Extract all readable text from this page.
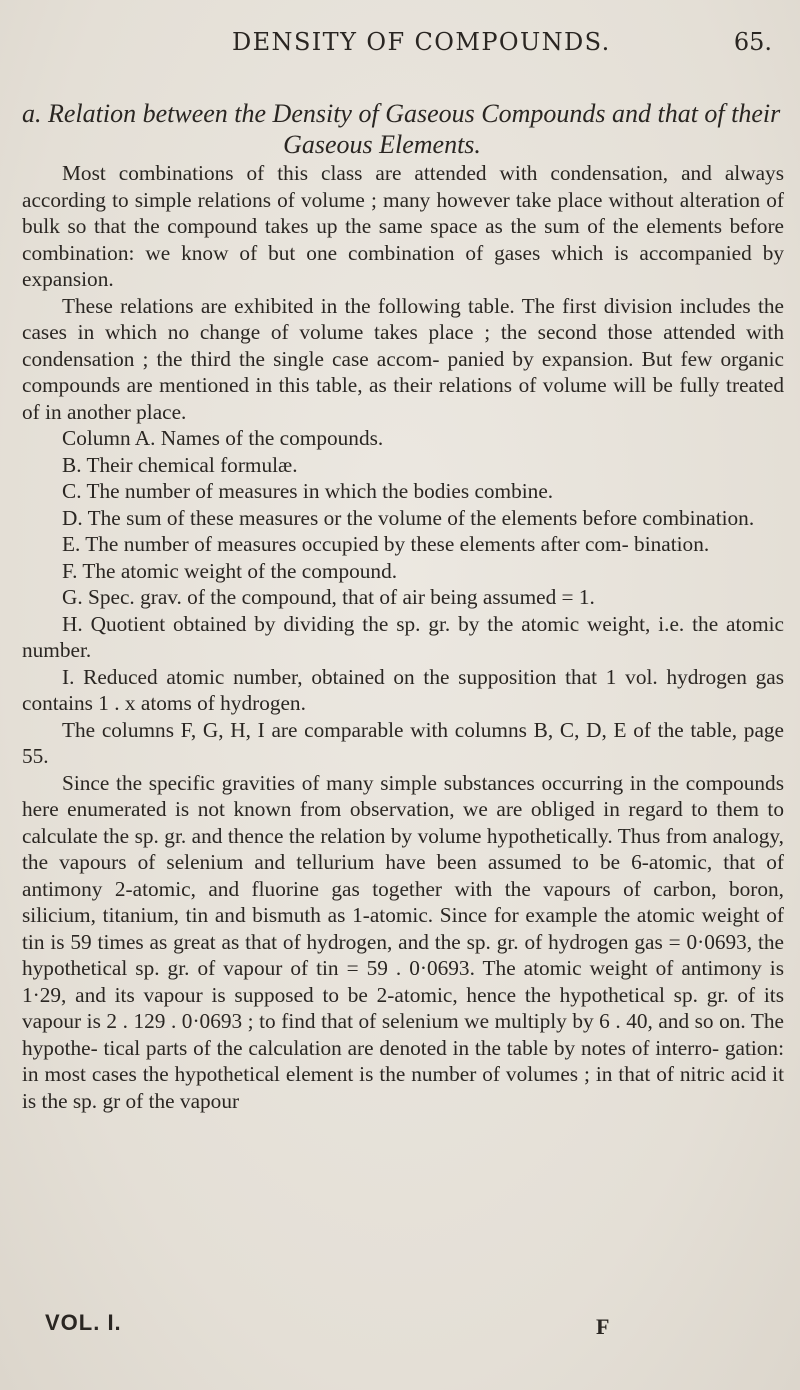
DENSITY OF COMPOUNDS.	65.
a. Relation between the Density of Gaseous Compounds and that of their
Gaseous Elements.

Most combinations of this class are attended with condensation, and always according to simple relations of volume ; many however take place without alteration of bulk so that the compound takes up the same space as the sum of the elements before combination: we know of but one combination of gases which is accompanied by expansion.

These relations are exhibited in the following table. The first division includes the cases in which no change of volume takes place ; the second those attended with condensation ; the third the single case accom- panied by expansion. But few organic compounds are mentioned in this table, as their relations of volume will be fully treated of in another place.

Column A. Names of the compounds.

B. Their chemical formulæ.

C. The number of measures in which the bodies combine.

D. The sum of these measures or the volume of the elements before combination.

E. The number of measures occupied by these elements after com- bination.

F. The atomic weight of the compound.

G. Spec. grav. of the compound, that of air being assumed = 1.

H. Quotient obtained by dividing the sp. gr. by the atomic weight, i.e. the atomic number.

I. Reduced atomic number, obtained on the supposition that 1 vol. hydrogen gas contains 1 . x atoms of hydrogen.

The columns F, G, H, I are comparable with columns B, C, D, E of the table, page 55.

Since the specific gravities of many simple substances occurring in the compounds here enumerated is not known from observation, we are obliged in regard to them to calculate the sp. gr. and thence the relation by volume hypothetically. Thus from analogy, the vapours of selenium and tellurium have been assumed to be 6-atomic, that of antimony 2-atomic, and fluorine gas together with the vapours of carbon, boron, silicium, titanium, tin and bismuth as 1-atomic. Since for example the atomic weight of tin is 59 times as great as that of hydrogen, and the sp. gr. of hydrogen gas = 0·0693, the hypothetical sp. gr. of vapour of tin = 59 . 0·0693. The atomic weight of antimony is 1·29, and its vapour is supposed to be 2-atomic, hence the hypothetical sp. gr. of its vapour is 2 . 129 . 0·0693 ; to find that of selenium we multiply by 6 . 40, and so on. The hypothe- tical parts of the calculation are denoted in the table by notes of interro- gation: in most cases the hypothetical element is the number of volumes ; in that of nitric acid it is the sp. gr of the vapour

VOL. I.	F
